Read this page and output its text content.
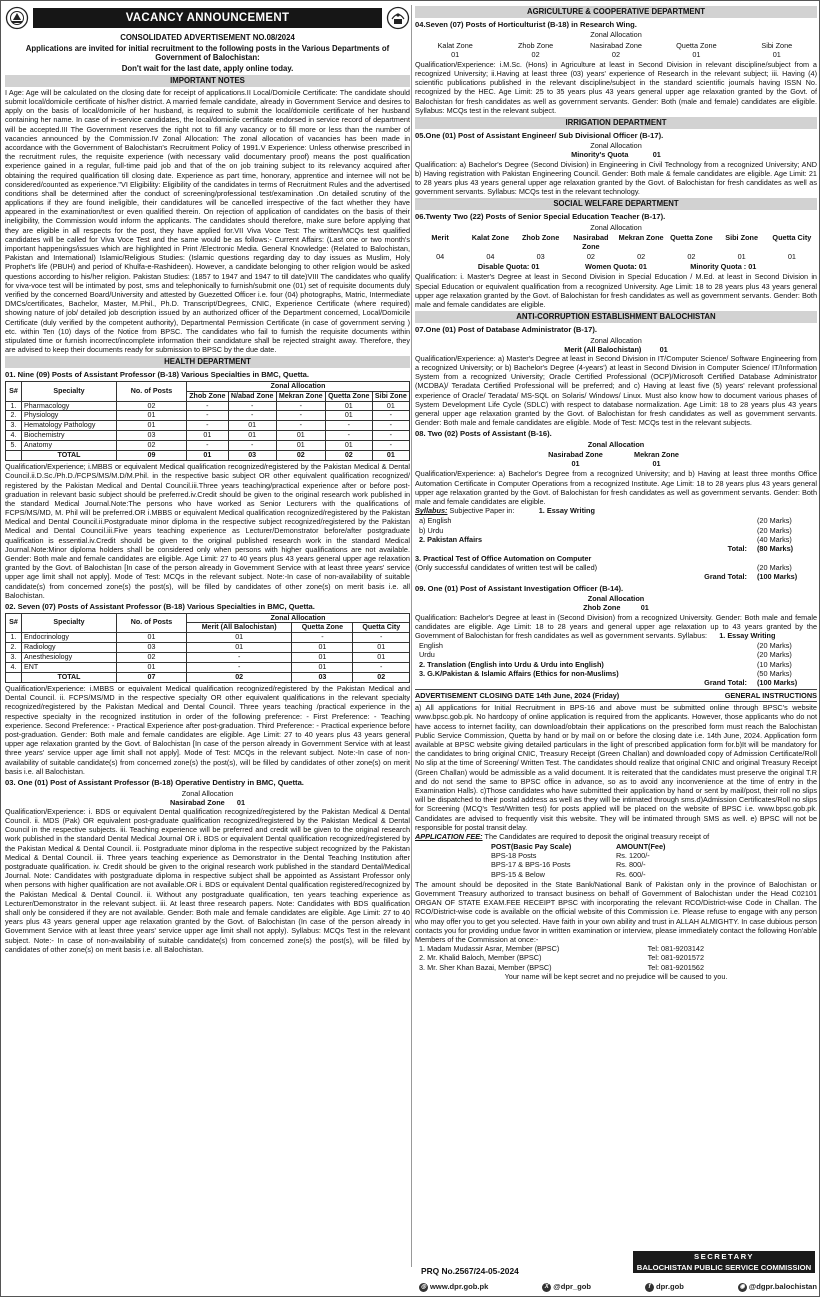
VACANCY ANNOUNCEMENT
CONSOLIDATED ADVERTISEMENT NO.08/2024
Applications are invited for initial recruitment to the following posts in the Various Departments of Government of Balochistan:
Don't wait for the last date, apply online today.
IMPORTANT NOTES

I Age: Age will be calculated on the closing date for receipt of applications.II Local/Domicile Certificate: The candidate should submit local/domicile certificate of his/her district. A married female candidate, already in Government Service and desires to apply on the basis of local/domicile of her husband, is required to submit the local/domicile certificate of her husband containing her name. In case of in-service candidates, the local/domicile certificate endorsed in service record of department will be accepted.III The Government reserves the right not to fill any vacancy or to fill more or less than the number of vacancies announced by the Commission.IV Zonal Allocation: The zonal allocation of vacancies has been made in accordance with the Government of Balochistan's Recruitment Policy of 1991.V Experience: Unless otherwise prescribed in the recruitment rules, the requisite experience (with necessary valid documentary proof) means the post qualification experience gained in a regular, full-time paid job and that of the on job training subject to its relevancy acquired after obtaining the required qualification till closing date. Experience as part time, honorary, apprentice and internee will not be considered/counted as experience."VI Eligibility: Eligibility of the candidates in terms of Recruitment Rules and the advertised conditions shall be determined after the conduct of screening/professional test/examination .On detailed scrutiny of the applications if they are found ineligible, their candidatures will be cancelled irrespective of the fact whether they have appeared in the examination/test or even qualified therein. On rejection of application of candidates on the basis of their ineligibility, the Commission would inform the applicants. The candidates should therefore, make sure before applying that they are eligible in all respects for the post, they have applied for.VII Viva Voce Test: The written/MCQs test qualified candidates will be called for Viva Voce Test and the same would be as follows:- Current Affairs: (Last one or two month's important happenings/issues which are highlighted in Print /Electronic Media. General Knowledge: (Related to Balochistan, Pakistan and International) Islamic/Religious Studies: (Islamic questions regarding day to day issues as Muslim, Holy Prophet's life (PBUH) and period of Khulfa-e-Rashideen). However, a candidate belonging to other religion would be asked questions according to his/her religion. Pakistan Studies: (1857 to 1947 and 1947 to till date)VIII The candidates who qualify for viva-voce test will be intimated by post, sms and telephonically to furnish/submit one (01) set of requisite documents duly verified by the concerned Board/University and attested by Guezetted Officer i.e. four (04) photographs, Matric, Intermediate DMCs/certificates, Bachelor, Master, M.Phil., Ph.D. Transcript/Degrees, CNIC, Experience Certificate (where required) showing nature of job/ detailed job description issued by an authorized officer of the Department concerned, Local/Domicile Certificate (duly verified by the competent authority), Departmental Permission Certificate (in case of government serving ) etc. within Ten (10) days of the Notice from BPSC. The candidates who fail to furnish the requisite documents within stipulated time or furnish incorrect/incomplete information their candidature shall be rejected straight away. Therefore, they are advised to keep their documents ready for submission to BPSC by the due date.

HEALTH DEPARTMENT
01. Nine (09) Posts of Assistant Professor (B-18) Various Specialties in BMC, Quetta.
S#	Specialty	No. of Posts	Zonal Allocation				
			Zhob Zone	N/abad Zone	Mekran Zone	Quetta Zone	Sibi Zone
1.	Pharmacology	02	-	-	-	01	01
2.	Physiology	01	-	-	-	01	-
3.	Hematology Pathology	01	-	01	-	-	-
4.	Biochemistry	03	01	01	01	-	-
5.	Anatomy	02	-	-	01	01	-
	TOTAL	09	01	03	02	02	01

Qualification/Experience; i.MBBS or equivalent Medical qualification recognized/registered by the Pakistan Medical & Dental Council.ii.D.Sc./Ph.D./FCPS/MS/M.D/M.Phil. in the respective basic subject OR other equivalent qualification recognized/ registered by the Pakistan Medical and Dental Council.iii.Three years teaching/practical experience after or before post-graduation in relevant basic subject should be preferred.iv.Credit should be given to the original research work published in the standard Medical Journal.Note:The persons who have worked as Senior Lecturers with the qualifications of FCPS/MS/MD, M. Phil will be preferred.OR i.MBBS or equivalent Medical qualification recognized/registered by the Pakistan Medical and Dental Council.ii.Postgraduate minor diploma in the respective subject recognized/registered by the Pakistan Medical and Dental Council.iii.Five years teaching experience as Lecturer/Demonstrator before/after postgraduate qualification is essential.iv.Credit should be given to the original published research work in the standard Medical Journal.Note:Minor diploma holders shall be considered only when persons with higher qualifications are not available. Gender: Both male and female candidates are eligible. Age Limit: 27 to 40 years plus 43 years general upper age relaxation granted by the Govt. of Balochistan [In case of the person already in Government Service with at least three years' service upper age limit shall not apply]. Mode of Test: MCQs in the relevant subject. Note:-In case of non-availability of suitable candidate(s) from concerned zone(s) the post(s), will be filled by candidates of other zone(s) on merit basis i.e. all Balochistan.

02. Seven (07) Posts of Assistant Professor (B-18) Various Specialties in BMC, Quetta.
S#	Specialty	No. of Posts	Zonal Allocation		
			Merit (All Balochistan)	Quetta Zone	Quetta City
1.	Endocrinology	01	01	-	-
2.	Radiology	03	01	01	01
3.	Anesthesiology	02	-	01	01
4.	ENT	01	-	01	-
	TOTAL	07	02	03	02

Qualification/Experience: i.MBBS or equivalent Medical qualification recognized/registered by the Pakistan Medical and Dental Council. ii. FCPS/MS/MD in the respective specialty OR other equivalent qualifications in the relevant specialty recognized/registered by the Pakistan Medical and Dental Council. Three years teaching /practical experience in the respective specialty in the recognized institution in order of the following preference: - First Preference: - Teaching experience. Second Preference: - Practical Experience after post-graduation. Third Preference: - Practical experience before post-graduation. Gender: Both male and female candidates are eligible. Age Limit: 27 to 40 years plus 43 years general upper age relaxation granted by the Govt. of Balochistan [In case of the person already in Government Service with at least three years' service upper age limit shall not apply]. Mode of Test: MCQs in the relevant subject. Note:-In case of non-availability of suitable candidate(s) from concerned zone(s) the post(s), will be filled by candidates of other zone(s) on merit basis i.e. all Balochistan.

03. One (01) Post of Assistant Professor (B-18) Operative Dentistry in BMC, Quetta.
Zonal Allocation
Nasirabad Zone 01

Qualification/Experience: i. BDS or equivalent Dental qualification recognized/registered by the Pakistan Medical & Dental Council. ii. MDS (Pak) OR equivalent post-graduate qualification recognized/registered by the Pakistan Medical & Dental Council in the respective subjects. iii. Teaching experience will be preferred and credit will be given to the original research work published in the standard Dental Medical Journal OR i. BDS or equivalent Dental qualification recognized/registered by the Pakistan Medical & Dental Council. ii. Postgraduate minor diploma in the respective subject recognized by the Pakistan Medical & Dental Council. iii. Three years teaching experience as Demonstrator in the Dental Teaching Institution after postgraduate qualification. iv. Credit should be given to the original research work published in the standard Dental/Medical Journal. Note: Candidates with postgraduate diploma in respective subject shall be appointed as Assistant Professor only when persons with higher qualification are not available.OR i. BDS or equivalent Dental qualification registered/recognized by the Pakistan Medical & Dental Council. ii. Without any postgraduate qualification, ten years teaching experience as Lecturer/Demonstrator in the relevant subject. iii. At least three research papers. Note: Candidates with BDS qualification shall only be considered if they are not available. Gender: Both male and female candidates are eligible. Age Limit: 27 to 40 years plus 43 years general upper age relaxation granted by the Govt. of Balochistan (In case of the person already in Government Service with at least three years' service upper age limit shall not apply). Syllabus: MCQs Test in the relevant subject. Note:- In case of non-availability of suitable candidate(s) from concerned zone(s) the post(s), will be filled by candidates of other zone(s) on merit basis i.e. all Balochistan.

AGRICULTURE & COOPERATIVE DEPARTMENT
04.Seven (07) Posts of Horticulturist (B-18) in Research Wing.
Zonal Allocation
Kalat Zone	Zhob Zone	Nasirabad Zone	Quetta Zone	Sibi Zone
01	02	02	01	01

Qualification/Experience: i.M.Sc. (Hons) in Agriculture at least in Second Division in relevant discipline/subject from a recognized University; ii.Having at least three (03) years' experience of Research in the relevant subject; iii. Having (4) scientific publications published in the relevant discipline/subject in the standard scientific journals having ISSN No. recognized by the HEC. Age Limit: 25 to 35 years plus 43 years general upper age relaxation granted by the Govt. of Balochistan for fresh candidates as well as government servants. Gender: Both (male and female) candidates are eligible. Syllabus: MCQs test in the relevant subject.

IRRIGATION DEPARTMENT
05.One (01) Post of Assistant Engineer/ Sub Divisional Officer (B-17).
Zonal Allocation
Minority's Quota	01

Qualification: a) Bachelor's Degree (Second Division) in Engineering in Civil Technology from a recognized University; AND b) Having registration with Pakistan Engineering Council. Gender: Both male & female candidates are eligible. Age Limit: 21 to 28 years plus 43 years general upper age relaxation granted by the Govt. of Balochistan for fresh candidates as well as government servants. Syllabus: MCQs test in the relevant technology.

SOCIAL WELFARE DEPARTMENT
06.Twenty Two (22) Posts of Senior Special Education Teacher (B-17).
Zonal Allocation
Merit	Kalat Zone	Zhob Zone	Nasirabad Zone
Mekran Zone Quetta Zone	Sibi Zone	Quetta City
04	04	03	02	02	02	01	01
Disable Quota: 01	Women Quota: 01	Minority Quota : 01

Qualification: i. Master's Degree at least in Second Division in Special Education / M.Ed. at least in Second Division in Special Education or equivalent qualification from a recognized University. Age Limit: 18 to 28 years plus 43 years general upper age relaxation granted by the Govt. of Balochistan for fresh candidates as well as government servants. Gender: Both male and female candidates are eligible.

ANTI-CORRUPTION ESTABLISHMENT BALOCHISTAN
07.One (01) Post of Database Administrator (B-17).
Zonal Allocation
Merit (All Balochistan)	01

Qualification/Experience: a) Master's Degree at least in Second Division in IT/Computer Science/ Software Engineering from a recognized University; or b) Bachelor's Degree (4-years') at least in Second Division in Computer Science/ IT/Information System from a recognized University; Oracle Certified Professional (OCP)/Microsoft Certified Database Administrator (MCDBA)/ Teradata Certified Professional will be preferred; and c) Having at least five (5) years' relevant professional experience of Oracle/ Teradata/ MS-SQL on Solaris/ Windows/ Linux. Must also know how to document various phases of System Development Life Cycle (SDLC) with respect to database normalization. Age Limit: 18 to 28 years plus 43 years general upper age relaxation granted by the Govt. of Balochistan for fresh candidates as well as government servants. Gender: Both male and female candidates are eligible. Mode of Test: MCQs test in the relevant subjects.

08. Two (02) Posts of Assistant (B-16).
Zonal Allocation
Nasirabad Zone	Mekran Zone
01	01

Qualification/Experience: a) Bachelor's Degree from a recognized University; and b) Having at least three months Office Automation Certificate in Computer Operations from a recognized Institute. Age Limit: 18 to 28 years plus 43 years general upper age relaxation granted by the Govt. of Balochistan for fresh candidates as well as government servants. Gender: Both male and female candidates are eligible.

Syllabus: Subjective Paper in:	1. Essay Writing
a) English	(20 Marks)
b) Urdu	(20 Marks)
2. Pakistan Affairs	(40 Marks)
Total:	(80 Marks)
3. Practical Test of Office Automation on Computer
(Only successful candidates of written test will be called)	(20 Marks)
Grand Total:	(100 Marks)
09. One (01) Post of Assistant Investigation Officer (B-14).
Zonal Allocation
Zhob Zone	01

Qualification: Bachelor's Degree at least in (Second Division) from a recognized University. Gender: Both male and female candidates are eligible. Age Limit: 18 to 28 years and general upper age relaxation up to 43 years granted by the Government of Balochistan for fresh candidates as well as government servants. Syllabus: 1. Essay Writing

English	(20 Marks)
Urdu	(20 Marks)
2. Translation (English into Urdu & Urdu into English)	(10 Marks)
3. G.K/Pakistan & Islamic Affairs (Ethics for non-Muslims)	(50 Marks)
Grand Total:	(100 Marks)
ADVERTISEMENT CLOSING DATE 14th June, 2024 (Friday)	GENERAL INSTRUCTIONS

a) All applications for Initial Recruitment in BPS-16 and above must be submitted online through BPSC's website www.bpsc.gob.pk. No hardcopy of online application is required from the applicants. However, those applicants who do not have access to internet facility, can download/obtain their applications on the prescribed form must reach the Balochistan Public Service Commission, Quetta by hand or by mail on or before the closing date i.e. 14th June, 2024. Application form available at BPSC website giving detailed particulars in the light of prescribed application form for.b)It will be mandatory for the candidates to bring original CNIC, Treasury Receipt (Green Challan) and downloaded copy of Admission Certificate/Roll No slip at the time of Screening/ Written Test. The candidates should realize that original CNIC and original Treasury Receipt (Green Challan) would be admissible as a valid document. It is reiterated that the candidates must preserve the original T.R and do not send the same to BPSC office in advance, so as to avoid any inconvenience at the time of entry in the Examination Halls). c)Those candidates who have submitted their application by hand or sent by mail/post, their roll no slips will be dispatched to their postal address as well as they will be intimated through sms.d)Admission Certificates/Roll no slips for Screening (MCQ's Test/Written test) for posts applied will be placed on the website of BPSC i.e. www.bpsc.gob.pk. Candidates are advised to frequently visit this website. They will be intimated through SMS as well. e) BPSC will not be responsible for postal transit delay.

APPLICATION FEE: The Candidates are required to deposit the original treasury receipt of
POST(Basic Pay Scale)	AMOUNT(Fee)
BPS-18 Posts	Rs. 1200/-
BPS-17 & BPS-16 Posts	Rs. 800/-
BPS-15 & Below	Rs. 600/-

The amount should be deposited in the State Bank/National Bank of Pakistan only in the province of Balochistan or Government Treasury authorized to transact business on behalf of Government of Balochistan under the Head C02101 ORGAN OF STATE EXAM.FEE RECEIPT BPSC with incorporating the relevant RCO/District-wise Code in Challan. The RCO/District-wise code is available on the official website of this Commission i.e. Please refuse to engage with any person who may offer you to get you selected. Have faith in your own ability and trust in ALLAH ALMIGHTY. In case dubious person contacts you for providing undue favor in written examination or interview, please immediately contact the following Hon'able Members of the Commission at once:-

1. Madam Mudassir Asrar, Member (BPSC)	Tel: 081-9203142
2. Mr. Khalid Baloch, Member (BPSC)	Tel: 081-9201572
3. Mr. Sher Khan Bazai, Member (BPSC)	Tel: 081-9201562
Your name will be kept secret and no prejudice will be caused to you.
SECRETARY
BALOCHISTAN PUBLIC SERVICE COMMISSION
PRQ No.2567/24-05-2024
◎ www.dpr.gob.pk	X @dpr_gob	f dpr.gob	◉ @dgpr.balochistan
